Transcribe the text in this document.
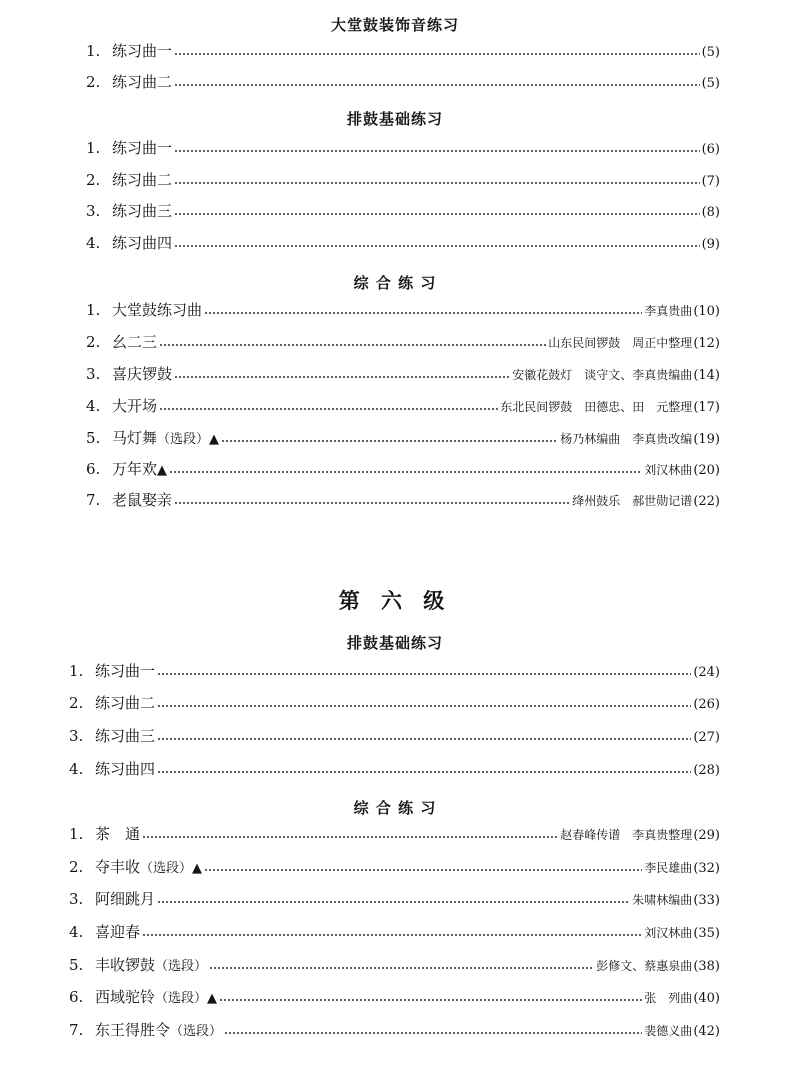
大堂鼓装饰音练习
1. 练习曲一	(5)
2. 练习曲二	(5)
排鼓基础练习
1. 练习曲一	(6)
2. 练习曲二	(7)
3. 练习曲三	(8)
4. 练习曲四	(9)
综 合 练 习
1. 大堂鼓练习曲	李真贵曲 (10)
2. 幺二三	山东民间锣鼓　周正中整理 (12)
3. 喜庆锣鼓	安徽花鼓灯　谈守文、李真贵编曲 (14)
4. 大开场	东北民间锣鼓　田德忠、田　元整理 (17)
5. 马灯舞 （选段） ▲	杨乃林编曲　李真贵改编 (19)
6. 万年欢 ▲	刘汉林曲 (20)
7. 老鼠娶亲	绛州鼓乐　郝世勋记谱 (22)
第 六 级
排鼓基础练习
1. 练习曲一	(24)
2. 练习曲二	(26)
3. 练习曲三	(27)
4. 练习曲四	(28)
综 合 练 习
1. 茶　通	赵春峰传谱　李真贵整理 (29)
2. 夺丰收 （选段） ▲	李民雄曲 (32)
3. 阿细跳月	朱啸林编曲 (33)
4. 喜迎春	刘汉林曲 (35)
5. 丰收锣鼓 （选段）	彭修文、蔡惠泉曲 (38)
6. 西域驼铃 （选段） ▲	张　列曲 (40)
7. 东王得胜令 （选段）	裴德义曲 (42)
